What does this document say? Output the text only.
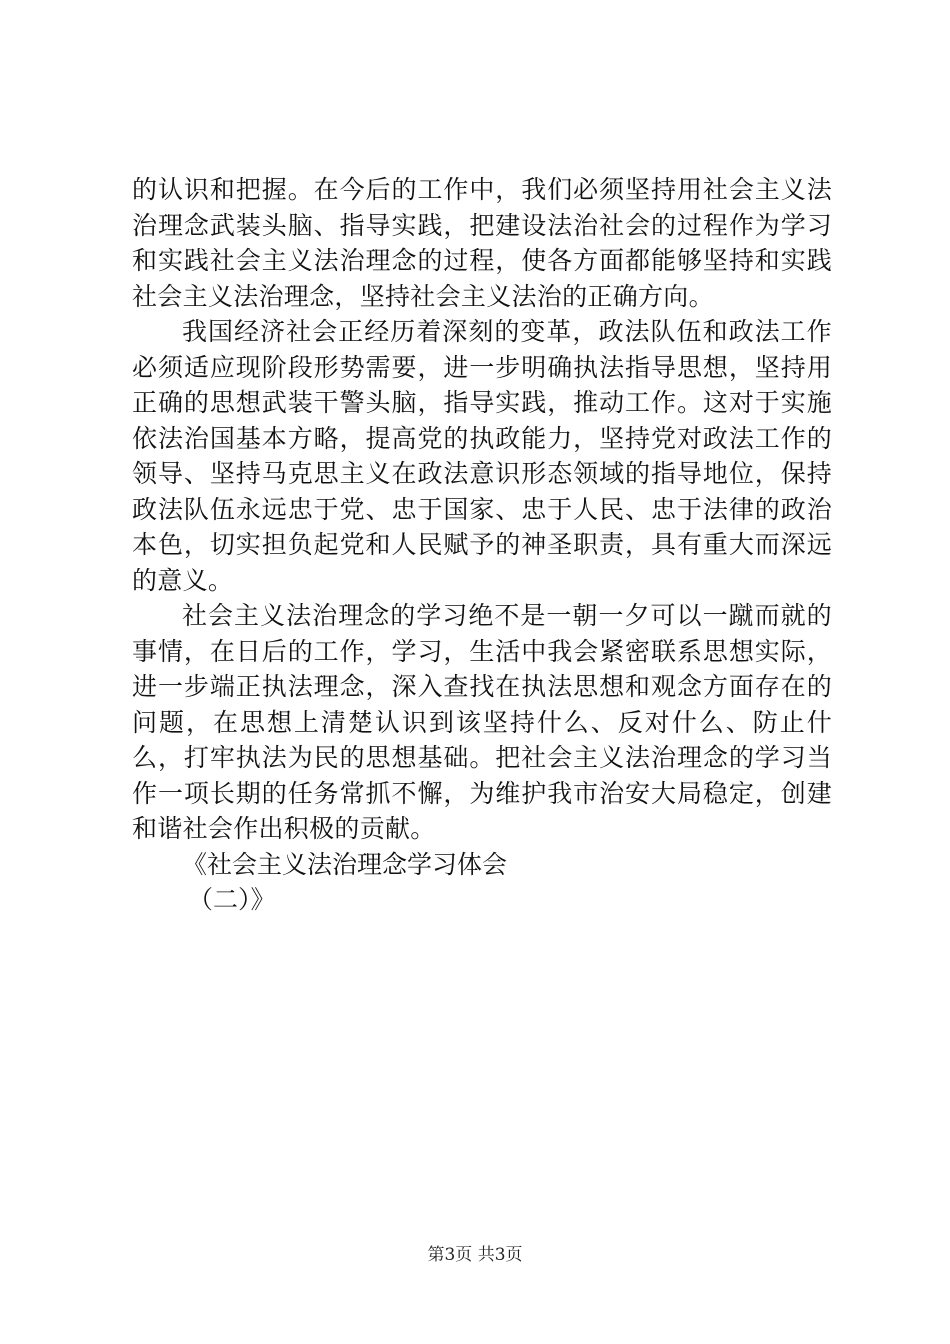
的认识和把握。在今后的工作中，我们必须坚持用社会主义法治理念武装头脑、指导实践，把建设法治社会的过程作为学习和实践社会主义法治理念的过程，使各方面都能够坚持和实践社会主义法治理念，坚持社会主义法治的正确方向。

我国经济社会正经历着深刻的变革，政法队伍和政法工作必须适应现阶段形势需要，进一步明确执法指导思想，坚持用正确的思想武装干警头脑，指导实践，推动工作。这对于实施依法治国基本方略，提高党的执政能力，坚持党对政法工作的领导、坚持马克思主义在政法意识形态领域的指导地位，保持政法队伍永远忠于党、忠于国家、忠于人民、忠于法律的政治本色，切实担负起党和人民赋予的神圣职责，具有重大而深远的意义。

社会主义法治理念的学习绝不是一朝一夕可以一蹴而就的事情，在日后的工作，学习，生活中我会紧密联系思想实际，进一步端正执法理念，深入查找在执法思想和观念方面存在的问题，在思想上清楚认识到该坚持什么、反对什么、防止什么，打牢执法为民的思想基础。把社会主义法治理念的学习当作一项长期的任务常抓不懈，为维护我市治安大局稳定，创建和谐社会作出积极的贡献。

《社会主义法治理念学习体会

（二）》

第3页 共3页
